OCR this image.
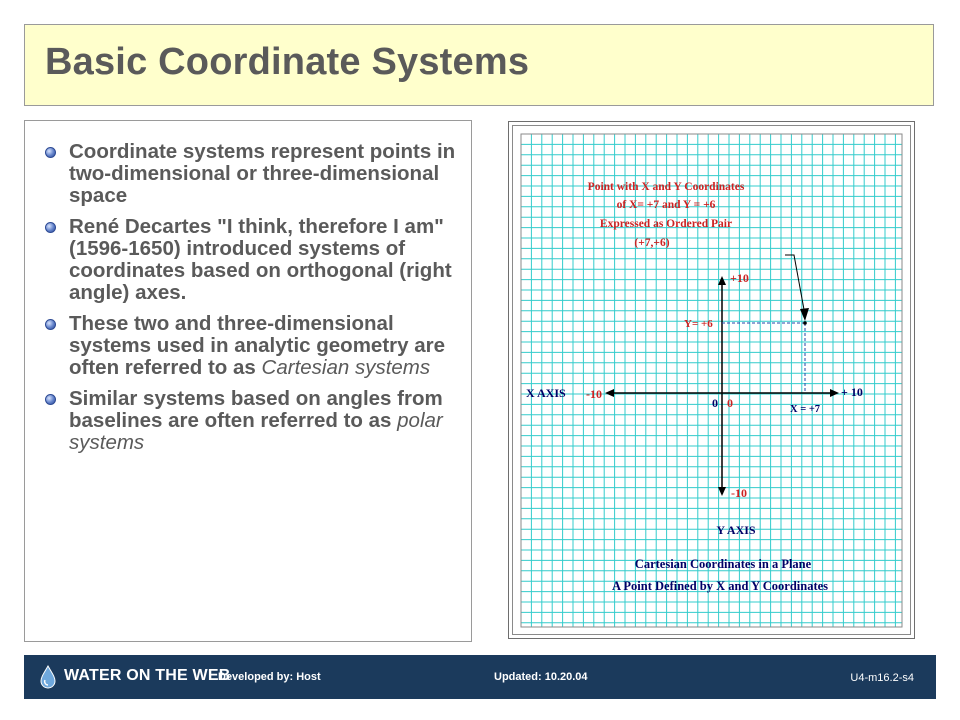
Basic Coordinate Systems
Coordinate systems represent points in two-dimensional or three-dimensional space
René Decartes "I think, therefore I am" (1596-1650) introduced systems of coordinates based on orthogonal (right angle) axes.
These two and three-dimensional systems used in analytic geometry are often referred to as Cartesian systems
Similar systems based on angles from baselines are often referred to as polar systems
Point with X and Y Coordinates
of X= +7 and Y = +6
Expressed as Ordered Pair
(+7,+6)
+10
Y= +6
X AXIS -10	+ 10
0 0	X = +7
-10
Y AXIS
Cartesian Coordinates in a Plane
A Point Defined by X and Y Coordinates
WATER ON THE WEB
Developed by: Host	Updated: 10.20.04	U4-m16.2-s4
